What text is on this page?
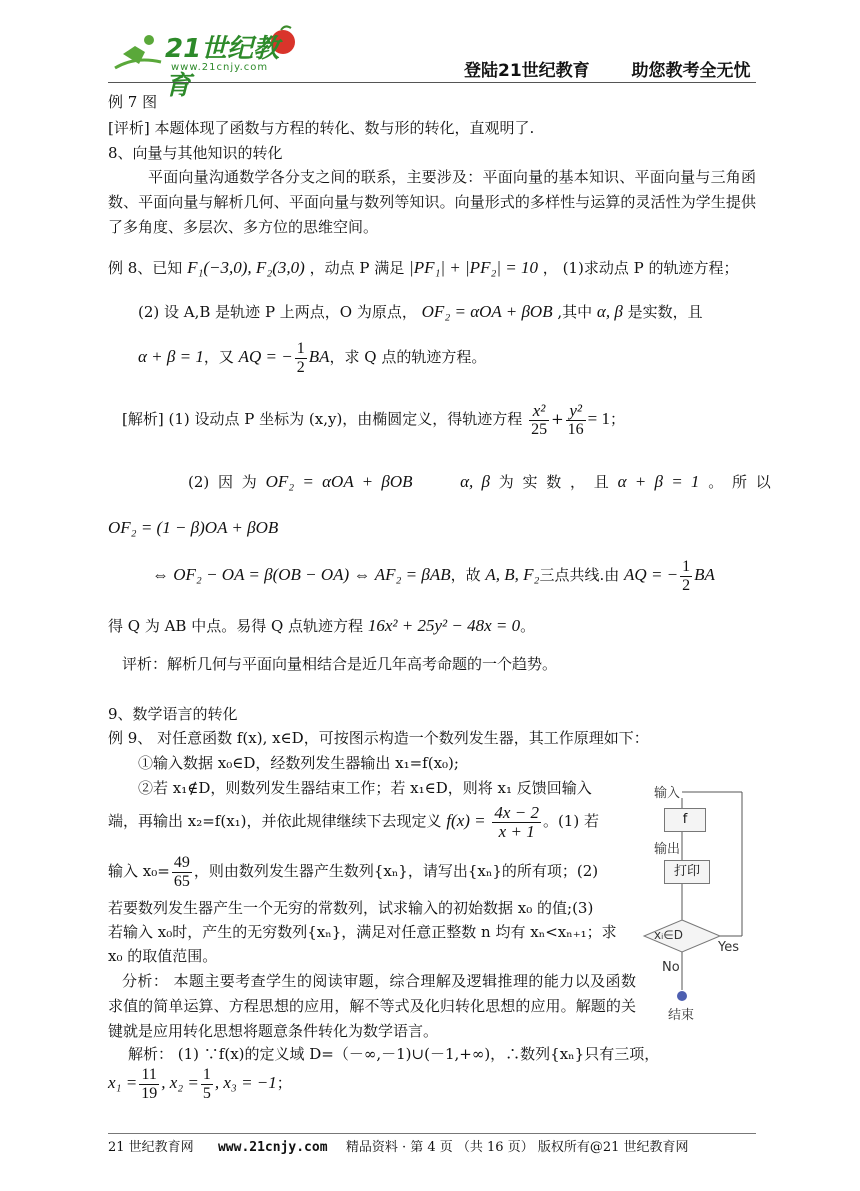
21世纪教育
www.21cnjy.com	登陆21世纪教育 助您教考全无忧
例 7 图
[评析] 本题体现了函数与方程的转化、数与形的转化，直观明了.
8、向量与其他知识的转化
平面向量沟通数学各分支之间的联系，主要涉及：平面向量的基本知识、平面向量与三角函数、平面向量与解析几何、平面向量与数列等知识。向量形式的多样性与运算的灵活性为学生提供了多角度、多层次、多方位的思维空间。
例 8、已知 F₁(−3,0), F₂(3,0) ，动点 P 满足 |PF₁| + |PF₂| = 10 ， (1)求动点 P 的轨迹方程；
(2) 设 A,B 是轨迹 P 上两点，O 为原点， OF₂ = αOA + βOB ,其中 α, β 是实数，且
α + β = 1，又 AQ = − $\frac{1}{2}$ BA，求 Q 点的轨迹方程。
[解析] (1) 设动点 P 坐标为 (x,y)，由椭圆定义，得轨迹方程 $\frac{\text{x²}}{25} + \frac{\text{y²}}{16} = 1$；
(2) 因 为 OF₂ = αOA + βOB	α, β 为 实 数 ， 且 α + β = 1 。 所 以
OF₂ = (1 − β)OA + βOB
⇔ OF₂ − OA = β(OB − OA) ⇔ AF₂ = βAB，故 A, B, F₂三点共线.由 AQ = − $\frac{1}{2}$ BA
得 Q 为 AB 中点。易得 Q 点轨迹方程 16x² + 25y² − 48x = 0。
评析：解析几何与平面向量相结合是近几年高考命题的一个趋势。
9、数学语言的转化
例 9、 对任意函数 f(x), x∈D，可按图示构造一个数列发生器，其工作原理如下：
①输入数据 x₀∈D，经数列发生器输出 x₁=f(x₀);
②若 x₁∉D，则数列发生器结束工作；若 x₁∈D，则将 x₁ 反馈回输入
端，再输出 x₂=f(x₁)，并依此规律继续下去现定义 $f(x) = \frac{4x - 2}{x + 1}$ 。(1) 若
输入 $x_0= \frac{49}{65}$ ，则由数列发生器产生数列{xₙ}，请写出{xₙ}的所有项；(2)
若要数列发生器产生一个无穷的常数列，试求输入的初始数据 x₀ 的值;(3)
若输入 x₀时，产生的无穷数列{xₙ}，满足对任意正整数 n 均有 xₙ<xₙ₊₁；求
x₀ 的取值范围。
分析： 本题主要考查学生的阅读审题，综合理解及逻辑推理的能力以及函数求值的简单运算、方程思想的应用，解不等式及化归转化思想的应用。解题的关键就是应用转化思想将题意条件转化为数学语言。
解析： (1) ∵f(x)的定义域 D=（－∞,－1)∪(－1,+∞)，∴数列{xₙ}只有三项，
$x_1 = \frac{11}{19}$ , $x_2 = \frac{1}{5}$ , x₃ = −1；
输入
f
输出
打印
xᵢ∈D
Yes
No
结束
21 世纪教育网 www.21cnjy.com 精品资料 · 第 4 页 （共 16 页） 版权所有@21 世纪教育网
